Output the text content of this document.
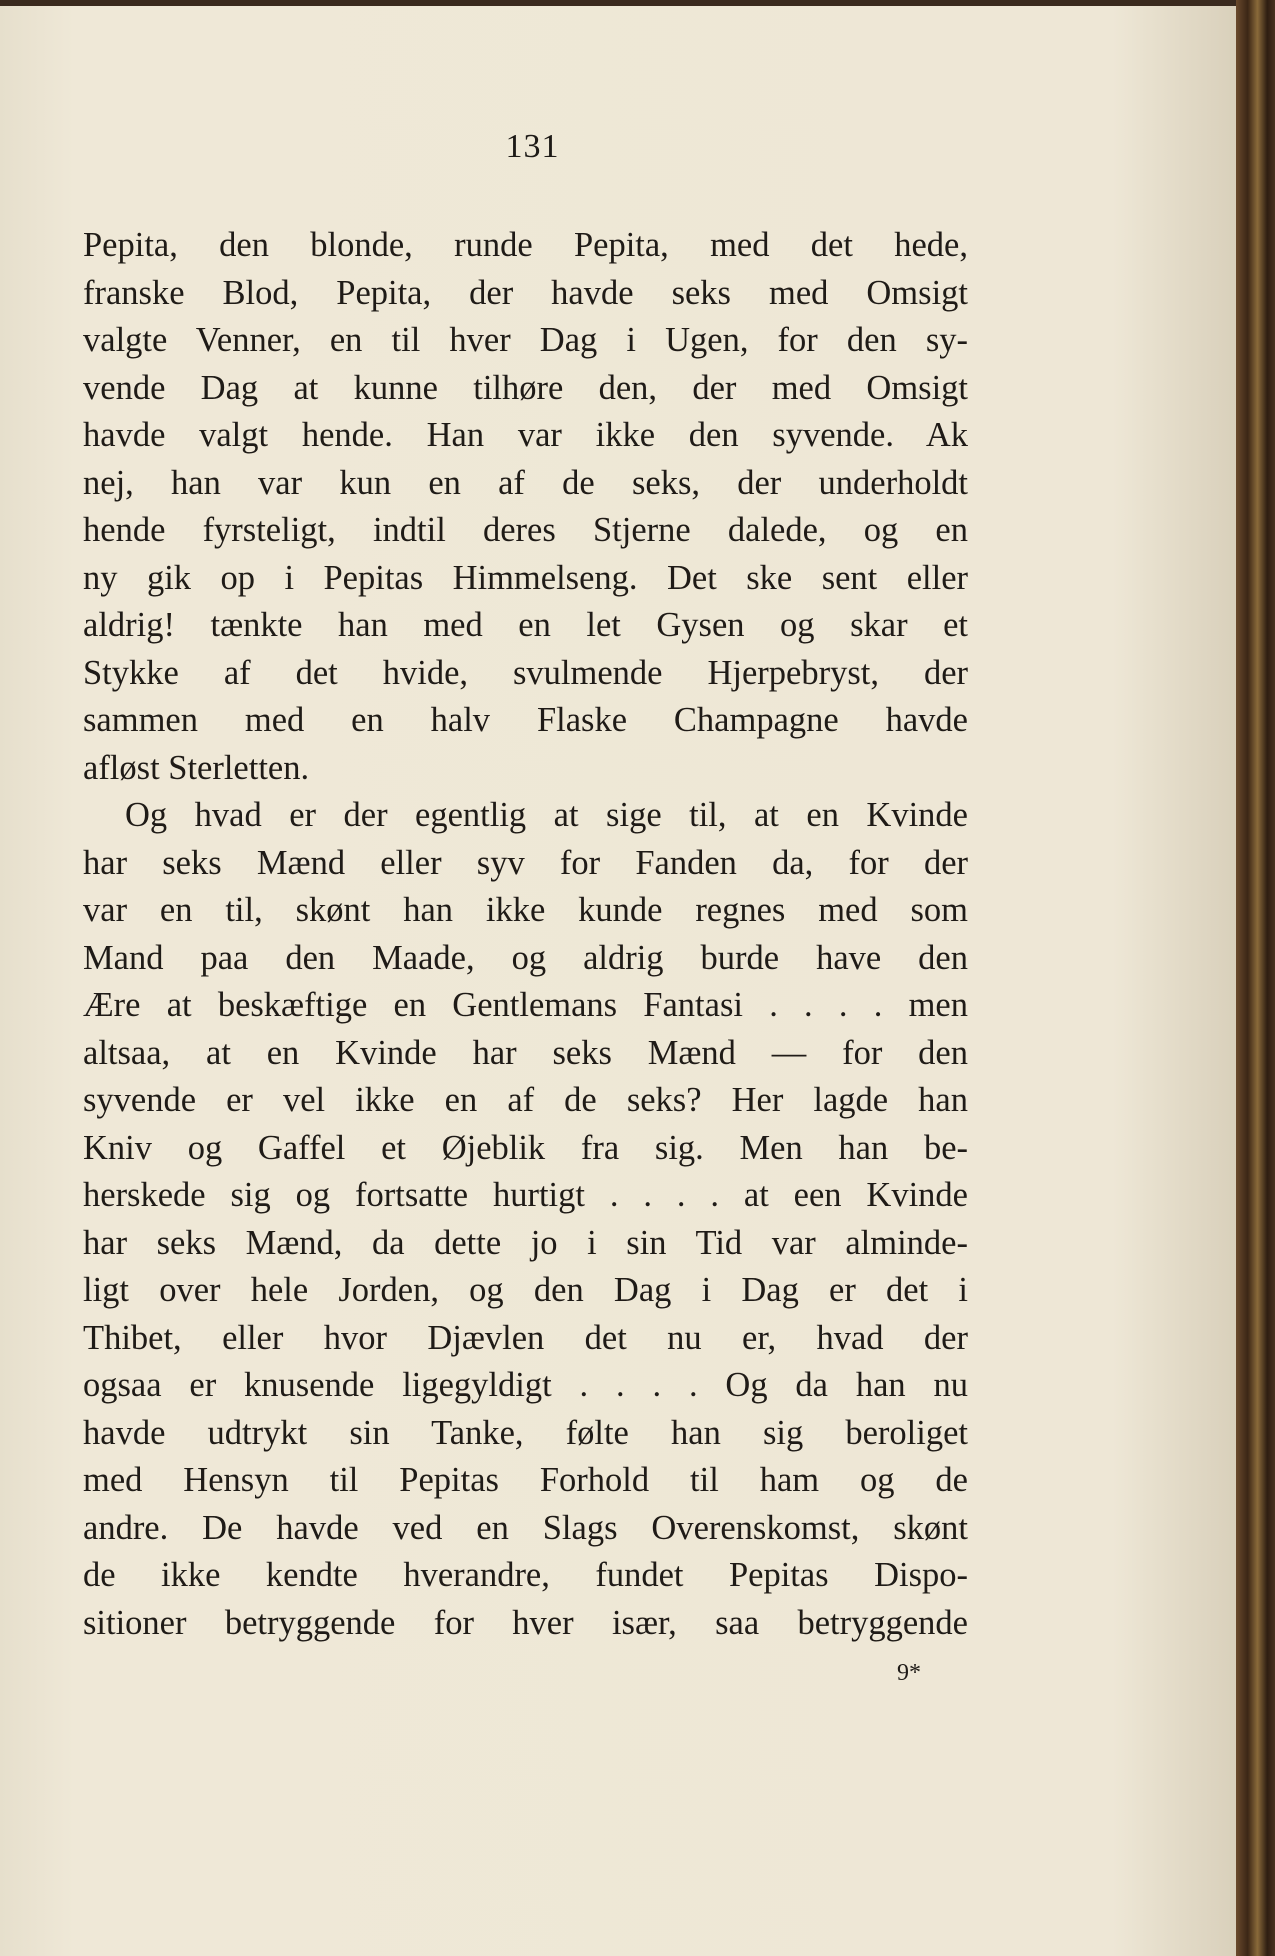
131
Pepita, den blonde, runde Pepita, med det hede,
franske Blod, Pepita, der havde seks med Omsigt
valgte Venner, en til hver Dag i Ugen, for den sy-
vende Dag at kunne tilhøre den, der med Omsigt
havde valgt hende. Han var ikke den syvende. Ak
nej, han var kun en af de seks, der underholdt
hende fyrsteligt, indtil deres Stjerne dalede, og en
ny gik op i Pepitas Himmelseng. Det ske sent eller
aldrig! tænkte han med en let Gysen og skar et
Stykke af det hvide, svulmende Hjerpebryst, der
sammen med en halv Flaske Champagne havde
afløst Sterletten.
Og hvad er der egentlig at sige til, at en Kvinde
har seks Mænd eller syv for Fanden da, for der
var en til, skønt han ikke kunde regnes med som
Mand paa den Maade, og aldrig burde have den
Ære at beskæftige en Gentlemans Fantasi . . . . men
altsaa, at en Kvinde har seks Mænd — for den
syvende er vel ikke en af de seks? Her lagde han
Kniv og Gaffel et Øjeblik fra sig. Men han be-
herskede sig og fortsatte hurtigt . . . . at een Kvinde
har seks Mænd, da dette jo i sin Tid var alminde-
ligt over hele Jorden, og den Dag i Dag er det i
Thibet, eller hvor Djævlen det nu er, hvad der
ogsaa er knusende ligegyldigt . . . . Og da han nu
havde udtrykt sin Tanke, følte han sig beroliget
med Hensyn til Pepitas Forhold til ham og de
andre. De havde ved en Slags Overenskomst, skønt
de ikke kendte hverandre, fundet Pepitas Dispo-
sitioner betryggende for hver især, saa betryggende
9*
